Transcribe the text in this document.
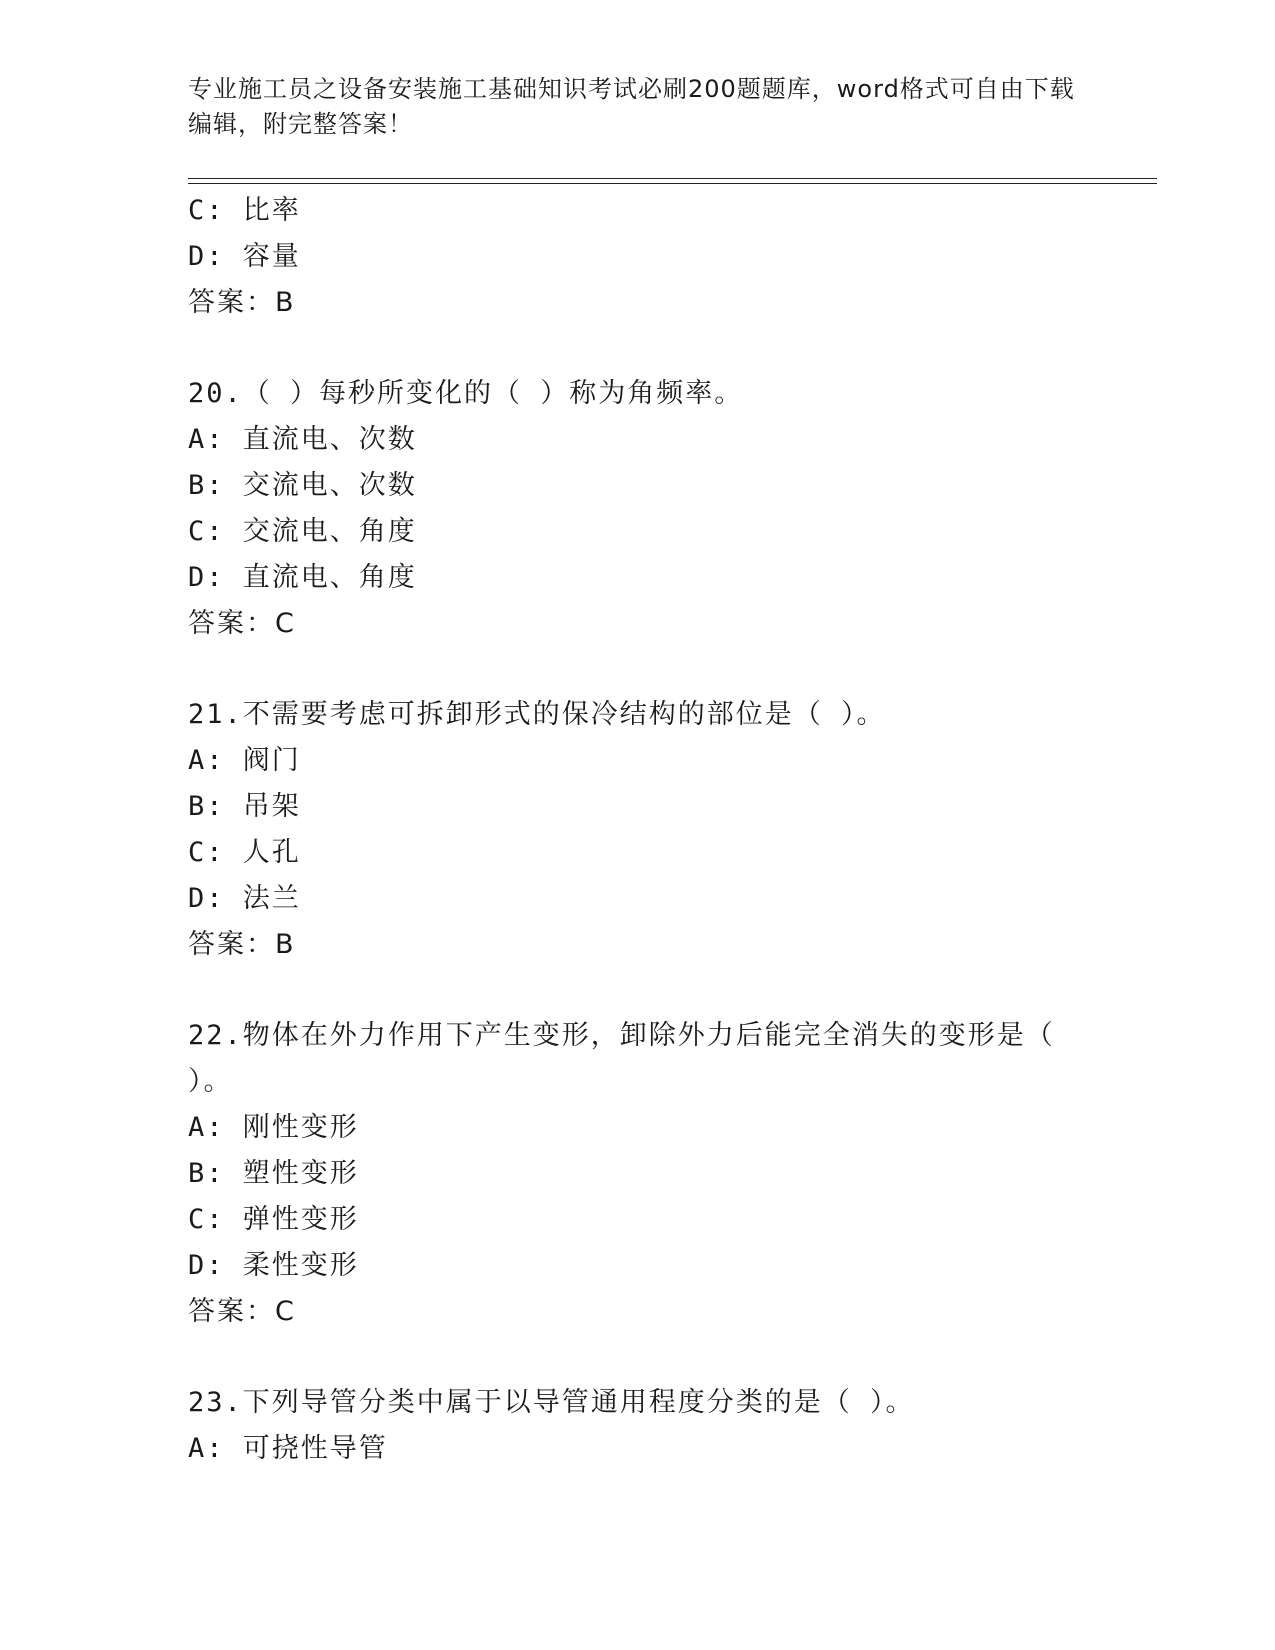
专业施工员之设备安装施工基础知识考试必刷200题题库，word格式可自由下载
编辑，附完整答案！
C: 比率
D: 容量
答案：B
20.（ ）每秒所变化的（ ）称为角频率。
A: 直流电、次数
B: 交流电、次数
C: 交流电、角度
D: 直流电、角度
答案：C
21.不需要考虑可拆卸形式的保冷结构的部位是（ ）。
A: 阀门
B: 吊架
C: 人孔
D: 法兰
答案：B
22.物体在外力作用下产生变形，卸除外力后能完全消失的变形是（
）。
A: 刚性变形
B: 塑性变形
C: 弹性变形
D: 柔性变形
答案：C
23.下列导管分类中属于以导管通用程度分类的是（ ）。
A: 可挠性导管
